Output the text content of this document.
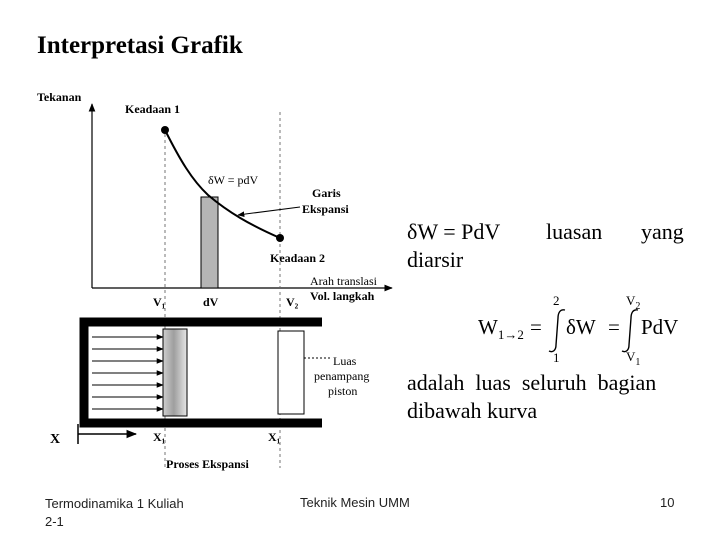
Interpretasi Grafik
Tekanan
Keadaan 1
δW = pdV
Garis
Ekspansi
Keadaan 2
Arah translasi
Vol. langkah
V₁	dV	V₂
Luas
penampang
piston
X	X₁	X₁
Proses Ekspansi
$W_{1\to 2}$ =
2
1
δW =
$V_2$
$V_1$
PdV
δW = PdV luasan yang
diarsir
adalah  luas  seluruh  bagian
dibawah kurva
Termodinamika 1 Kuliah
2-1
Teknik Mesin UMM	10
